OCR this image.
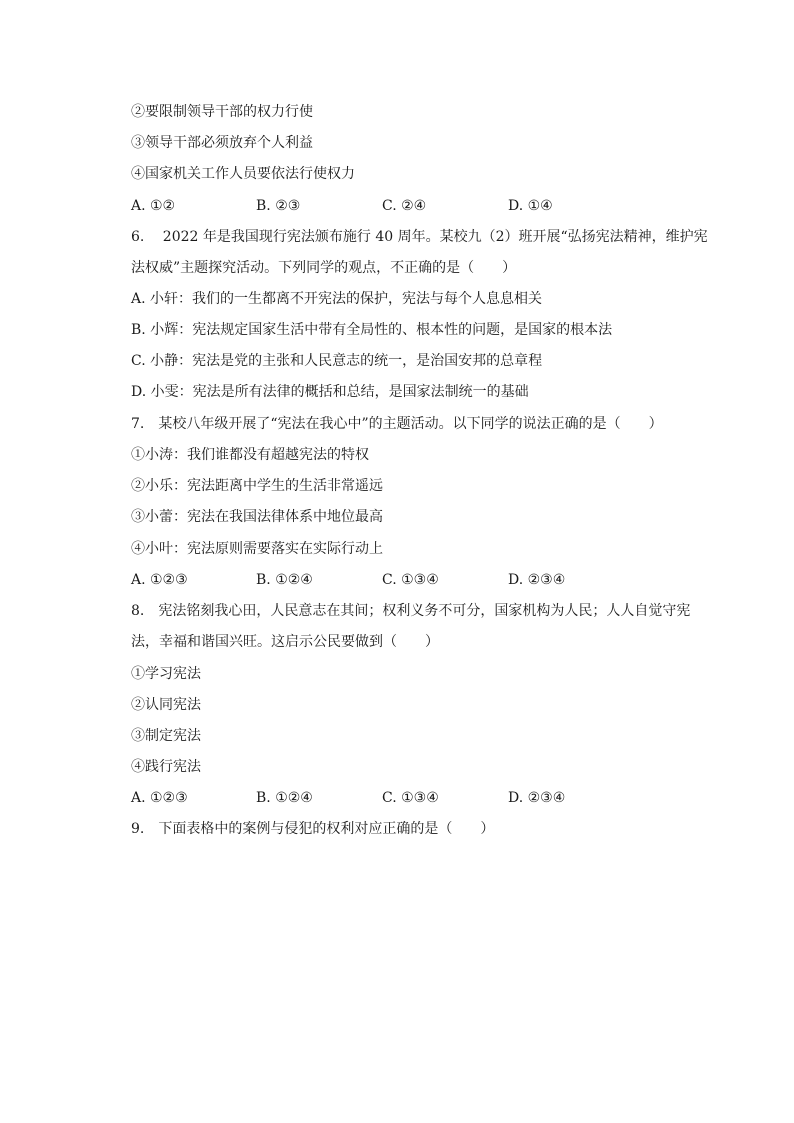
②要限制领导干部的权力行使
③领导干部必须放弃个人利益
④国家机关工作人员要依法行使权力
A. ①②	B. ②③	C. ②④	D. ①④
6.　 2022 年是我国现行宪法颁布施行 40 周年。某校九（2）班开展“弘扬宪法精神，维护宪
法权威”主题探究活动。下列同学的观点，不正确的是（　　）
A. 小轩：我们的一生都离不开宪法的保护，宪法与每个人息息相关
B. 小辉：宪法规定国家生活中带有全局性的、根本性的问题，是国家的根本法
C. 小静：宪法是党的主张和人民意志的统一，是治国安邦的总章程
D. 小雯：宪法是所有法律的概括和总结，是国家法制统一的基础
7.　某校八年级开展了“宪法在我心中”的主题活动。以下同学的说法正确的是（　　）
①小涛：我们谁都没有超越宪法的特权
②小乐：宪法距离中学生的生活非常遥远
③小蕾：宪法在我国法律体系中地位最高
④小叶：宪法原则需要落实在实际行动上
A. ①②③	B. ①②④	C. ①③④	D. ②③④
8.　宪法铭刻我心田，人民意志在其间；权利义务不可分，国家机构为人民；人人自觉守宪
法，幸福和谐国兴旺。这启示公民要做到（　　）
①学习宪法
②认同宪法
③制定宪法
④践行宪法
A. ①②③	B. ①②④	C. ①③④	D. ②③④
9.　下面表格中的案例与侵犯的权利对应正确的是（　　）
